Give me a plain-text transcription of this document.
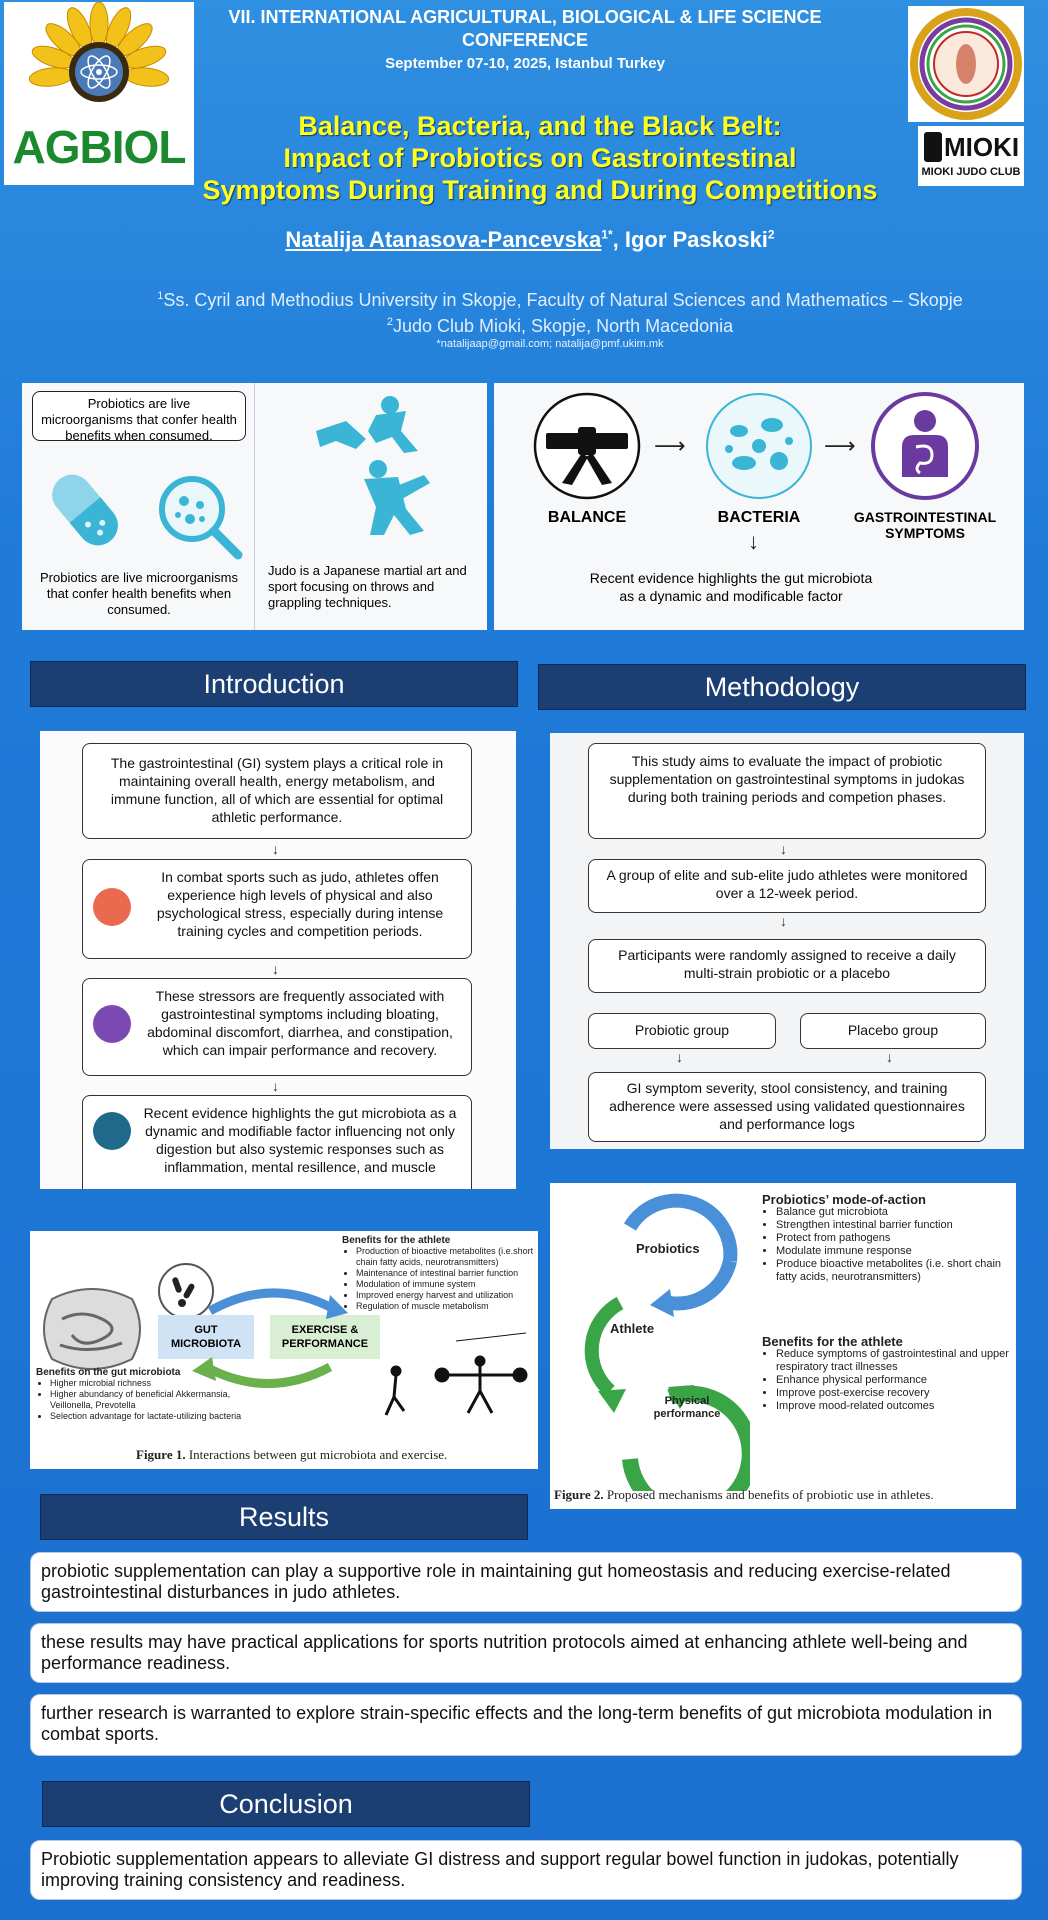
AGBIOL
VII. INTERNATIONAL AGRICULTURAL, BIOLOGICAL & LIFE SCIENCE
CONFERENCE
September 07-10, 2025, Istanbul Turkey
MIOKI
MIOKI JUDO CLUB
Balance, Bacteria, and the Black Belt:
Impact of Probiotics on Gastrointestinal
Symptoms During Training and During Competitions
Natalija Atanasova-Pancevska$^{1*}$, Igor Paskoski$^2$
$^1$Ss. Cyril and Methodius University in Skopje, Faculty of Natural Sciences and Mathematics – Skopje
$^2$Judo Club Mioki, Skopje, North Macedonia
*natalijaap@gmail.com; natalija@pmf.ukim.mk
Probiotics are live microorganisms that confer health benefits when consumed.
Probiotics are live microorganisms that confer health benefits when consumed.
Judo is a Japanese martial art and sport focusing on throws and grappling techniques.
⟶	⟶
BALANCE	BACTERIA	GASTROINTESTINAL
SYMPTOMS
↓
Recent evidence highlights the gut microbiota as a dynamic and modificable factor
Introduction	Methodology
The gastrointestinal (GI) system plays a critical role in maintaining overall health, energy metabolism, and immune function, all of which are essential for optimal athletic performance.
↓
In combat sports such as judo, athletes offen experience high levels of physical and also psychological stress, especially during intense training cycles and competition periods.
↓
These stressors are frequently associated with gastrointestinal symptoms including bloating, abdominal discomfort, diarrhea, and constipation, which can impair performance and recovery.
↓
Recent evidence highlights the gut microbiota as a dynamic and modifiable factor influencing not only digestion but also systemic responses such as inflammation, mental resillence, and muscle
This study aims to evaluate the impact of probiotic supplementation on gastrointestinal symptoms in judokas during both training periods and competion phases.
↓
A group of elite and sub-elite judo athletes were monitored over a 12-week period.
↓
Participants were randomly assigned to receive a daily multi-strain probiotic or a placebo
Probiotic group	Placebo group
↓	↓
GI symptom severity, stool consistency, and training adherence were assessed using validated questionnaires and performance logs
GUT
MICROBIOTA
EXERCISE &
PERFORMANCE
Benefits for the athlete
• Production of bioactive metabolites (i.e.short chain fatty acids, neurotransmitters)
• Maintenance of intestinal barrier function
• Modulation of immune system
• Improved energy harvest and utilization
• Regulation of muscle metabolism
Benefits on the gut microbiota
• Higher microbial richness
• Higher abundancy of beneficial Akkermansia, Veillonella, Prevotella
• Selection advantage for lactate-utilizing bacteria
Figure 1. Interactions between gut microbiota and exercise.
Probiotics
Athlete
Physical
performance
Probiotics’ mode-of-action
• Balance gut microbiota
• Strengthen intestinal barrier function
• Protect from pathogens
• Modulate immune response
• Produce bioactive metabolites (i.e. short chain fatty acids, neurotransmitters)
Benefits for the athlete
• Reduce symptoms of gastrointestinal and upper respiratory tract illnesses
• Enhance physical performance
• Improve post-exercise recovery
• Improve mood-related outcomes
Figure 2. Proposed mechanisms and benefits of probiotic use in athletes.
Results
probiotic supplementation can play a supportive role in maintaining gut homeostasis and reducing exercise-related gastrointestinal disturbances in judo athletes.
these results may have practical applications for sports nutrition protocols aimed at enhancing athlete well-being and performance readiness.
further research is warranted to explore strain-specific effects and the long-term benefits of gut microbiota modulation in combat sports.
Conclusion
Probiotic supplementation appears to alleviate GI distress and support regular bowel function in judokas, potentially improving training consistency and readiness.
